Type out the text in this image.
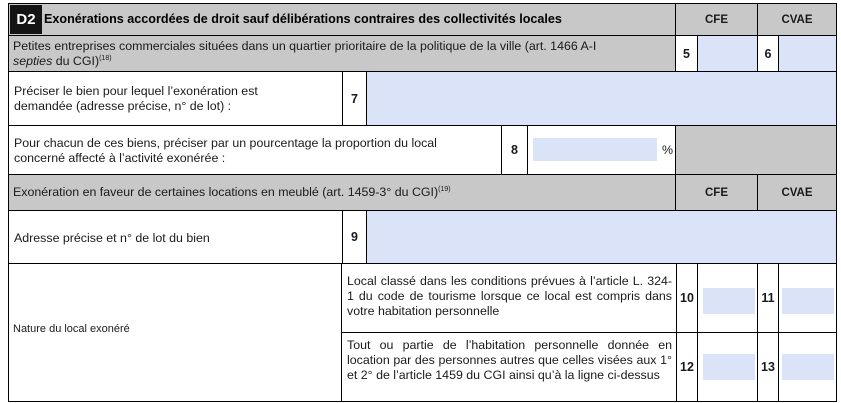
D2 Exonérations accordées de droit sauf délibérations contraires des collectivités locales	CFE	CVAE
Petites entreprises commerciales situées dans un quartier prioritaire de la politique de la ville (art. 1466 A-I
septies du CGI)$^{(18)}$	5	6
Préciser le bien pour lequel l’exonération est demandée (adresse précise, n° de lot) :
7
Pour chacun de ces biens, préciser par un pourcentage la proportion du local concerné affecté à l’activité exonérée :
8	%
Exonération en faveur de certaines locations en meublé (art. 1459-3° du CGI)$^{(19)}$	CFE	CVAE
Adresse précise et n° de lot du bien	9
Nature du local exonéré
Local classé dans les conditions prévues à l’article L. 324-1 du code de tourisme lorsque ce local est compris dans votre habitation personnelle
10	11
Tout ou partie de l’habitation personnelle donnée en location par des personnes autres que celles visées aux 1° et 2° de l’article 1459 du CGI ainsi qu’à la ligne ci-dessus
12	13
